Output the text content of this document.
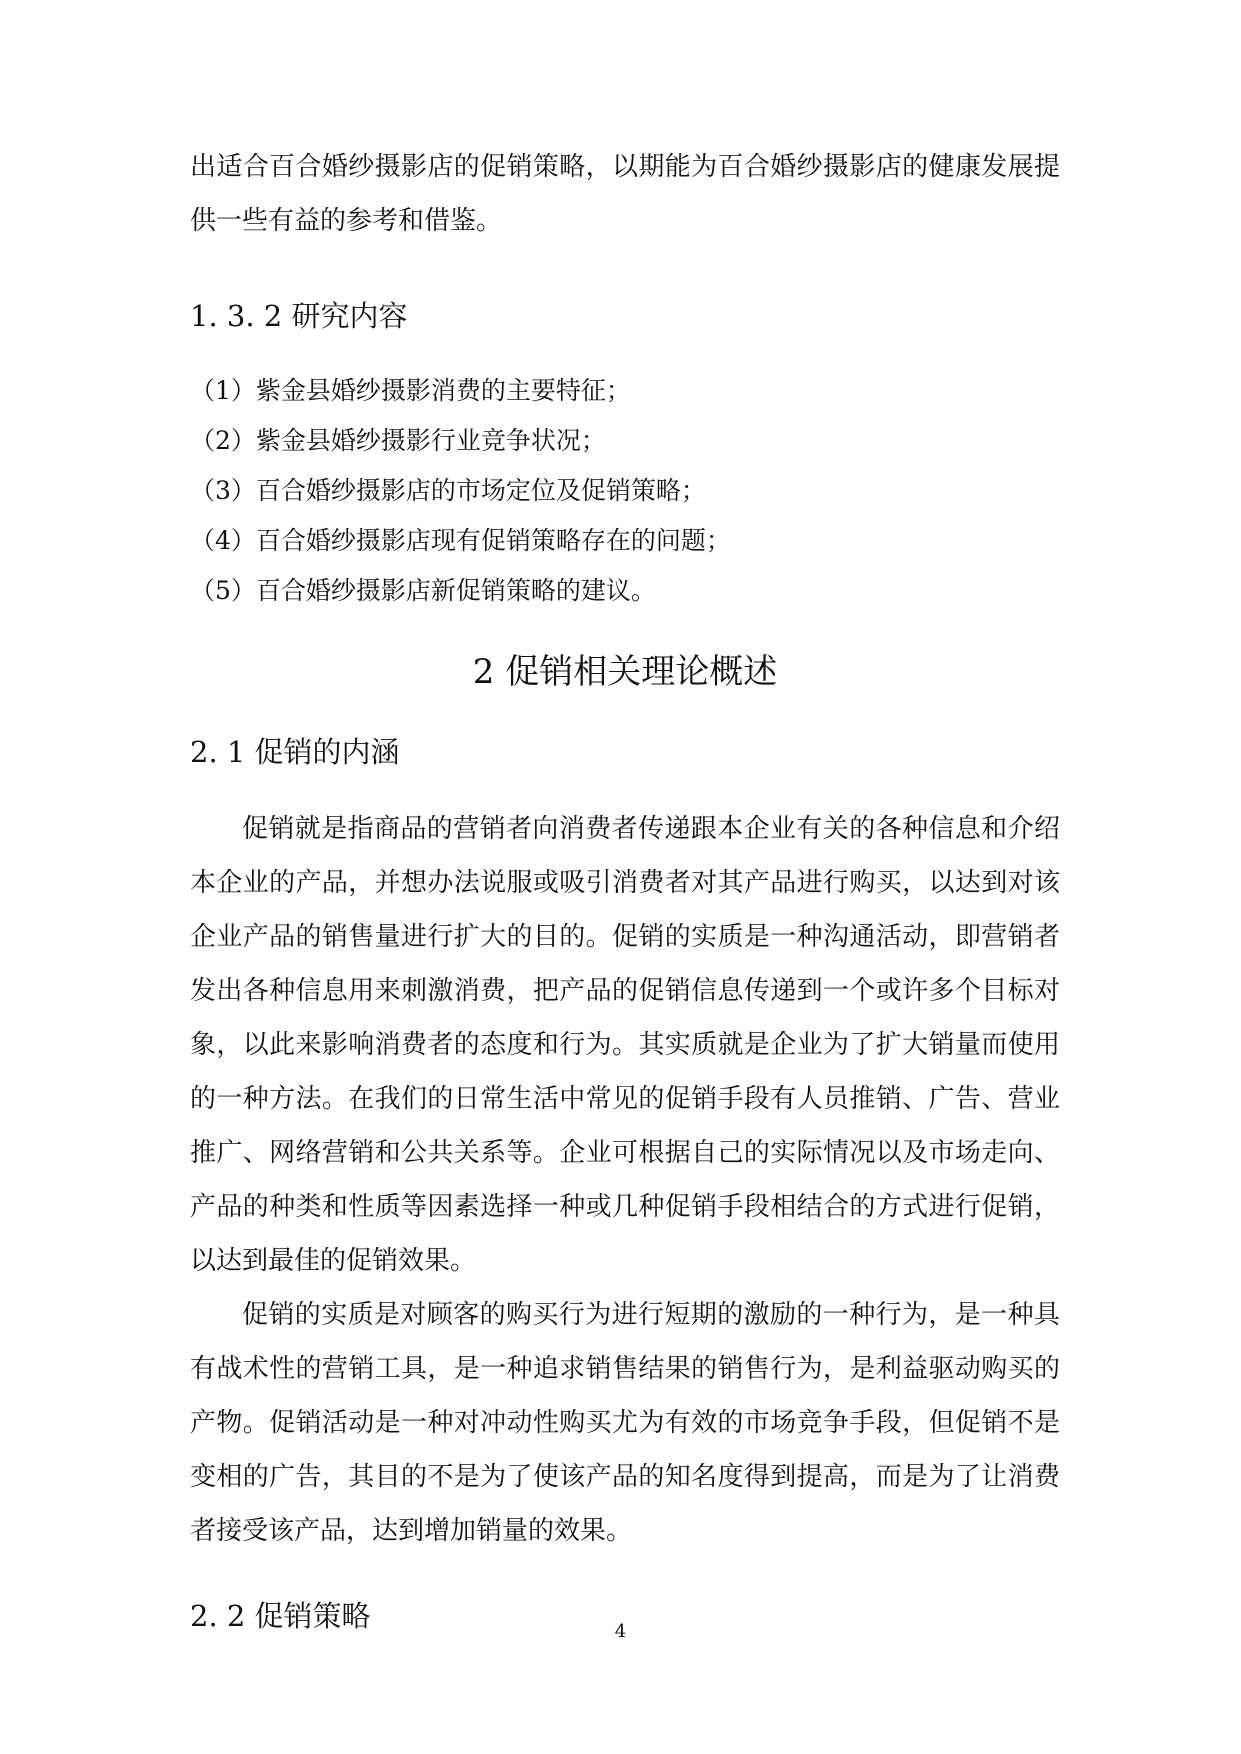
出适合百合婚纱摄影店的促销策略，以期能为百合婚纱摄影店的健康发展提供一些有益的参考和借鉴。

1. 3. 2 研究内容
（1）紫金县婚纱摄影消费的主要特征；
（2）紫金县婚纱摄影行业竞争状况；
（3）百合婚纱摄影店的市场定位及促销策略；
（4）百合婚纱摄影店现有促销策略存在的问题；
（5）百合婚纱摄影店新促销策略的建议。
2 促销相关理论概述
2. 1 促销的内涵

促销就是指商品的营销者向消费者传递跟本企业有关的各种信息和介绍本企业的产品，并想办法说服或吸引消费者对其产品进行购买，以达到对该企业产品的销售量进行扩大的目的。促销的实质是一种沟通活动，即营销者发出各种信息用来刺激消费，把产品的促销信息传递到一个或许多个目标对象，以此来影响消费者的态度和行为。其实质就是企业为了扩大销量而使用的一种方法。在我们的日常生活中常见的促销手段有人员推销、广告、营业推广、网络营销和公共关系等。企业可根据自己的实际情况以及市场走向、产品的种类和性质等因素选择一种或几种促销手段相结合的方式进行促销，以达到最佳的促销效果。

促销的实质是对顾客的购买行为进行短期的激励的一种行为，是一种具有战术性的营销工具，是一种追求销售结果的销售行为，是利益驱动购买的产物。促销活动是一种对冲动性购买尤为有效的市场竞争手段，但促销不是变相的广告，其目的不是为了使该产品的知名度得到提高，而是为了让消费者接受该产品，达到增加销量的效果。

2. 2 促销策略	4
